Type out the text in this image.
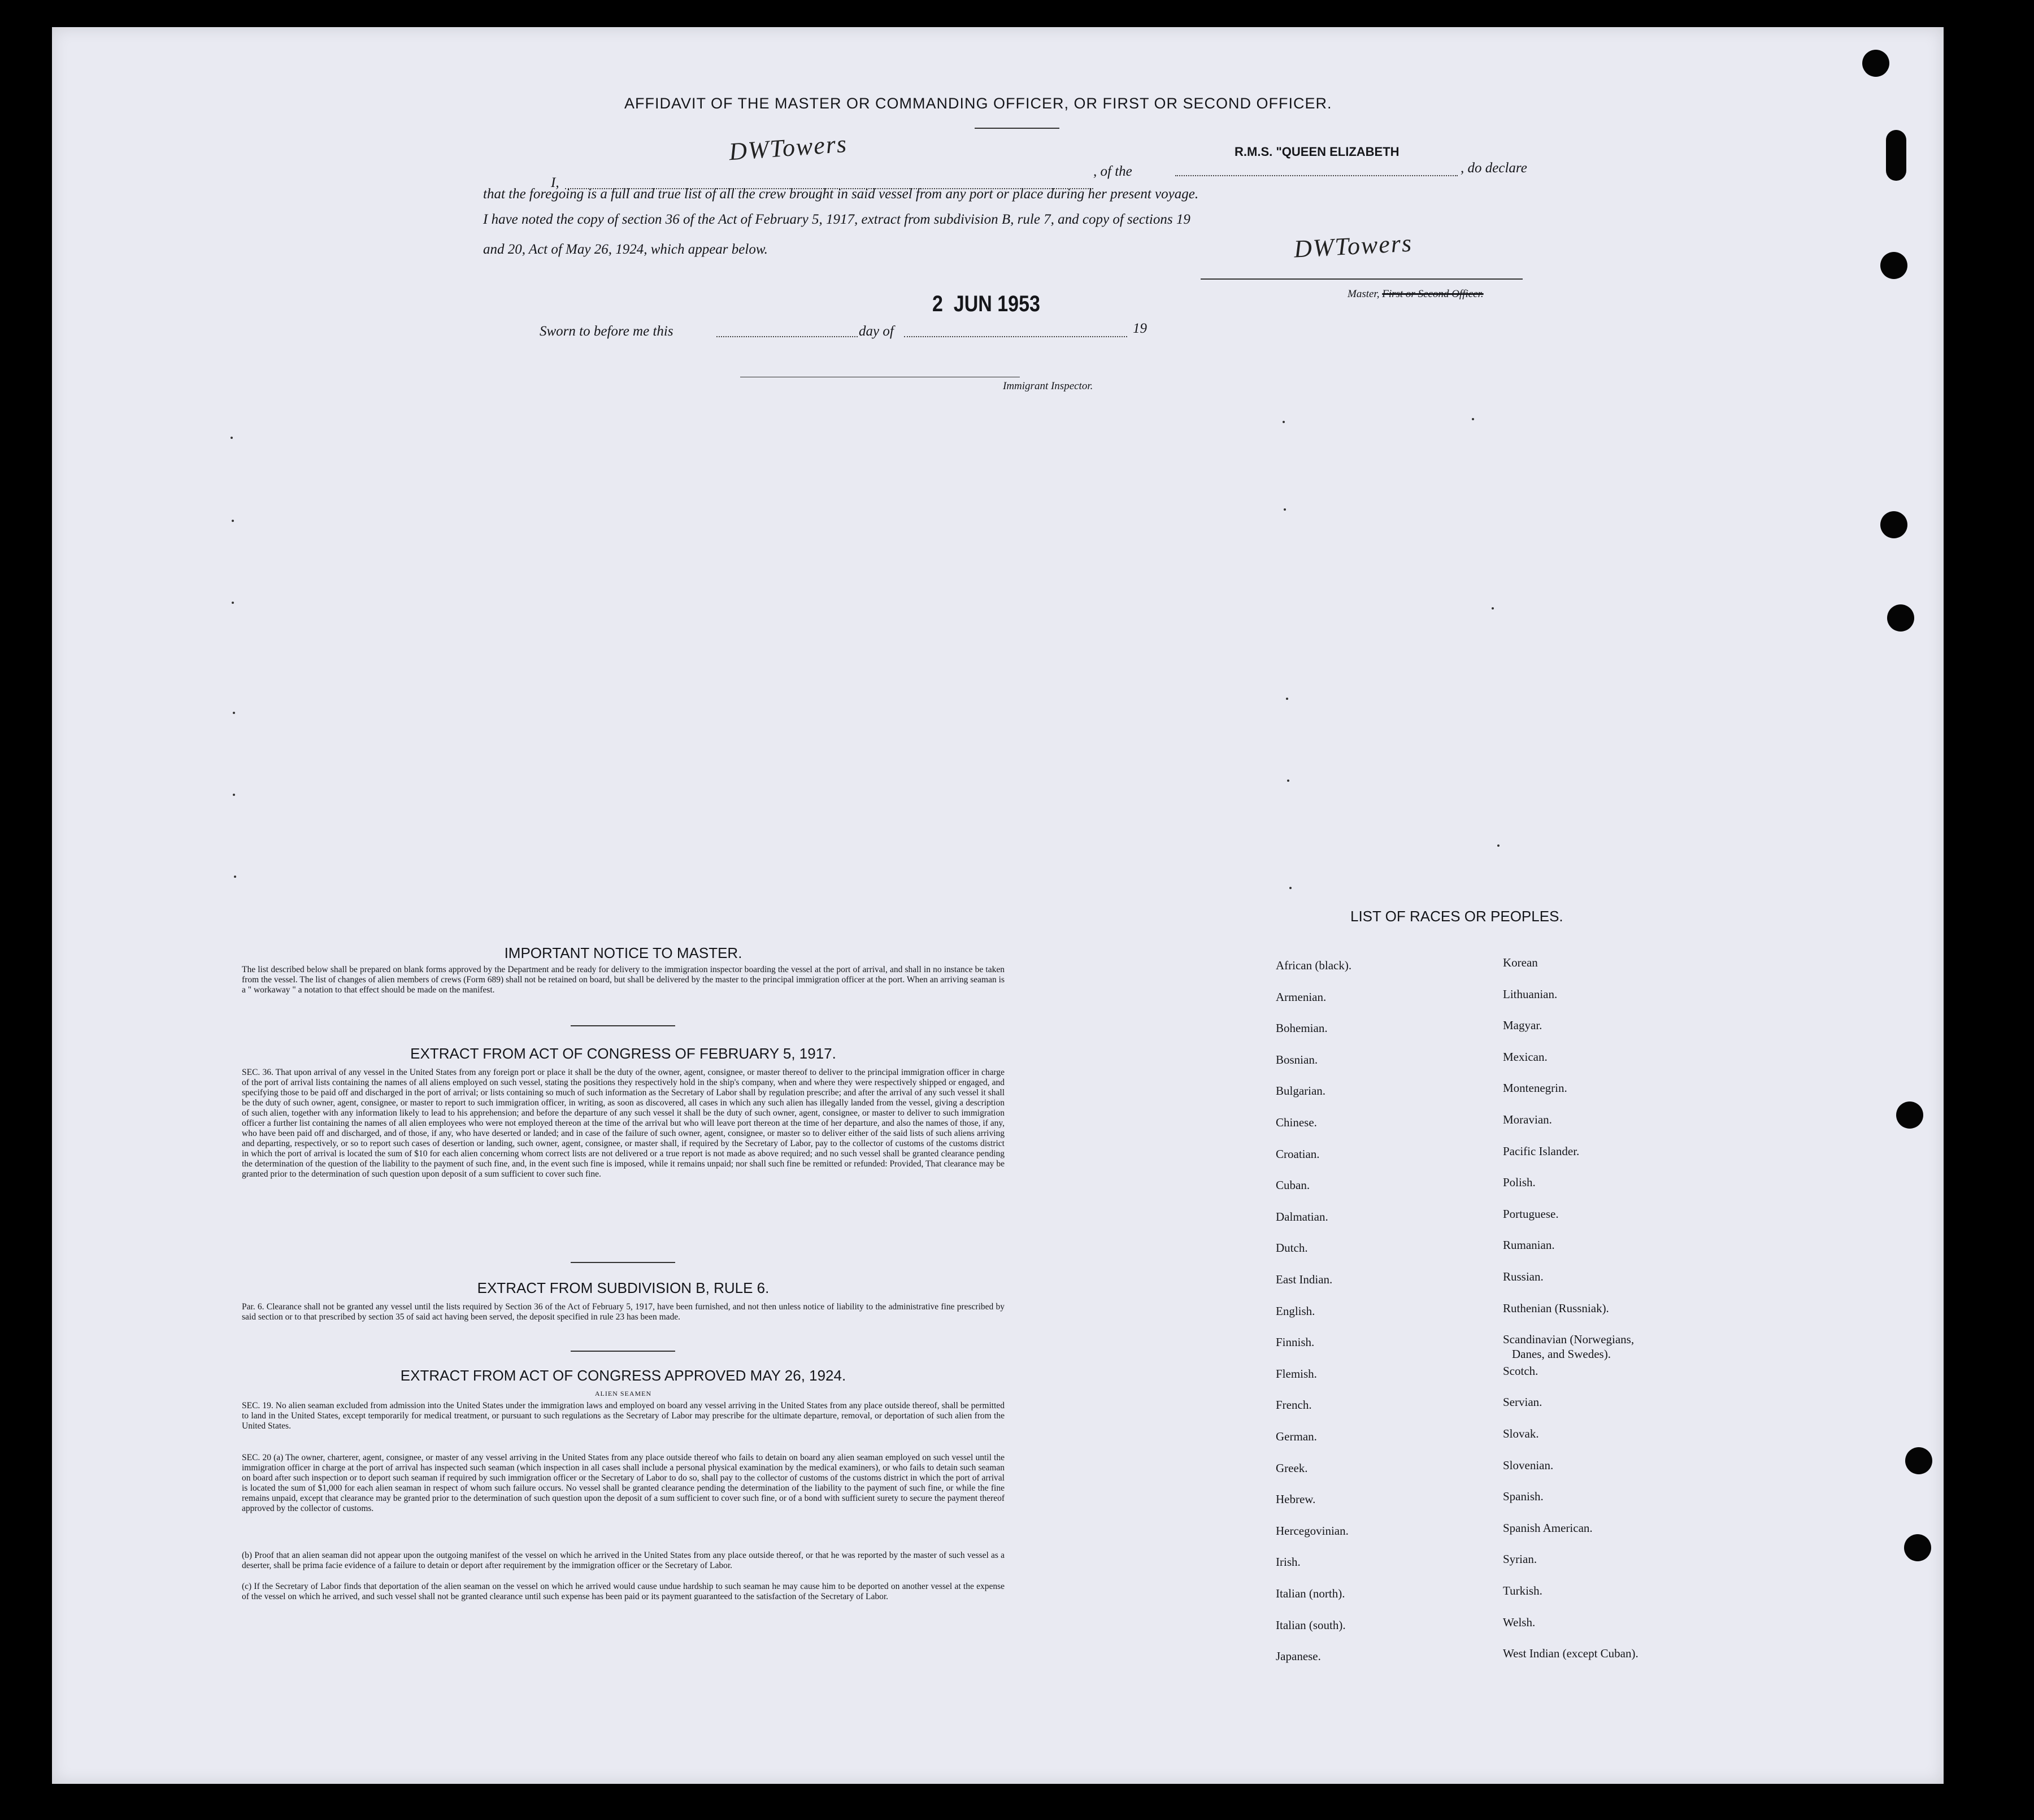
AFFIDAVIT OF THE MASTER OR COMMANDING OFFICER, OR FIRST OR SECOND OFFICER.
I,
DWTowers
, of the
R.M.S. "QUEEN ELIZABETH
, do declare
that the foregoing is a full and true list of all the crew brought in said vessel from any port or place during her present voyage.
I have noted the copy of section 36 of the Act of February 5, 1917, extract from subdivision B, rule 7, and copy of sections 19
and 20, Act of May 26, 1924, which appear below.	DWTowers
Master, First or Second Officer.
Sworn to before me this	day of
2  JUN 1953
19
Immigrant Inspector.
IMPORTANT NOTICE TO MASTER.
The list described below shall be prepared on blank forms approved by the Department and be ready for delivery to the immigration inspector boarding the vessel at the port of arrival, and shall in no instance be taken from the vessel. The list of changes of alien members of crews (Form 689) shall not be retained on board, but shall be delivered by the master to the principal immigration officer at the port. When an arriving seaman is a " workaway " a notation to that effect should be made on the manifest.
EXTRACT FROM ACT OF CONGRESS OF FEBRUARY 5, 1917.
SEC. 36. That upon arrival of any vessel in the United States from any foreign port or place it shall be the duty of the owner, agent, consignee, or master thereof to deliver to the principal immigration officer in charge of the port of arrival lists containing the names of all aliens employed on such vessel, stating the positions they respectively hold in the ship's company, when and where they were respectively shipped or engaged, and specifying those to be paid off and discharged in the port of arrival; or lists containing so much of such information as the Secretary of Labor shall by regulation prescribe; and after the arrival of any such vessel it shall be the duty of such owner, agent, consignee, or master to report to such immigration officer, in writing, as soon as discovered, all cases in which any such alien has illegally landed from the vessel, giving a description of such alien, together with any information likely to lead to his apprehension; and before the departure of any such vessel it shall be the duty of such owner, agent, consignee, or master to deliver to such immigration officer a further list containing the names of all alien employees who were not employed thereon at the time of the arrival but who will leave port thereon at the time of her departure, and also the names of those, if any, who have been paid off and discharged, and of those, if any, who have deserted or landed; and in case of the failure of such owner, agent, consignee, or master so to deliver either of the said lists of such aliens arriving and departing, respectively, or so to report such cases of desertion or landing, such owner, agent, consignee, or master shall, if required by the Secretary of Labor, pay to the collector of customs of the customs district in which the port of arrival is located the sum of $10 for each alien concerning whom correct lists are not delivered or a true report is not made as above required; and no such vessel shall be granted clearance pending the determination of the question of the liability to the payment of such fine, and, in the event such fine is imposed, while it remains unpaid; nor shall such fine be remitted or refunded: Provided, That clearance may be granted prior to the determination of such question upon deposit of a sum sufficient to cover such fine.
EXTRACT FROM SUBDIVISION B, RULE 6.
Par. 6. Clearance shall not be granted any vessel until the lists required by Section 36 of the Act of February 5, 1917, have been furnished, and not then unless notice of liability to the administrative fine prescribed by said section or to that prescribed by section 35 of said act having been served, the deposit specified in rule 23 has been made.
EXTRACT FROM ACT OF CONGRESS APPROVED MAY 26, 1924.
ALIEN SEAMEN
SEC. 19. No alien seaman excluded from admission into the United States under the immigration laws and employed on board any vessel arriving in the United States from any place outside thereof, shall be permitted to land in the United States, except temporarily for medical treatment, or pursuant to such regulations as the Secretary of Labor may prescribe for the ultimate departure, removal, or deportation of such alien from the United States.
SEC. 20 (a) The owner, charterer, agent, consignee, or master of any vessel arriving in the United States from any place outside thereof who fails to detain on board any alien seaman employed on such vessel until the immigration officer in charge at the port of arrival has inspected such seaman (which inspection in all cases shall include a personal physical examination by the medical examiners), or who fails to detain such seaman on board after such inspection or to deport such seaman if required by such immigration officer or the Secretary of Labor to do so, shall pay to the collector of customs of the customs district in which the port of arrival is located the sum of $1,000 for each alien seaman in respect of whom such failure occurs. No vessel shall be granted clearance pending the determination of the liability to the payment of such fine, or while the fine remains unpaid, except that clearance may be granted prior to the determination of such question upon the deposit of a sum sufficient to cover such fine, or of a bond with sufficient surety to secure the payment thereof approved by the collector of customs.
(b) Proof that an alien seaman did not appear upon the outgoing manifest of the vessel on which he arrived in the United States from any place outside thereof, or that he was reported by the master of such vessel as a deserter, shall be prima facie evidence of a failure to detain or deport after requirement by the immigration officer or the Secretary of Labor.
(c) If the Secretary of Labor finds that deportation of the alien seaman on the vessel on which he arrived would cause undue hardship to such seaman he may cause him to be deported on another vessel at the expense of the vessel on which he arrived, and such vessel shall not be granted clearance until such expense has been paid or its payment guaranteed to the satisfaction of the Secretary of Labor.
LIST OF RACES OR PEOPLES.
African (black).
Armenian.
Bohemian.
Bosnian.
Bulgarian.
Chinese.
Croatian.
Cuban.
Dalmatian.
Dutch.
East Indian.
English.
Finnish.
Flemish.
French.
German.
Greek.
Hebrew.
Hercegovinian.
Irish.
Italian (north).
Italian (south).
Japanese.
Korean
Lithuanian.
Magyar.
Mexican.
Montenegrin.
Moravian.
Pacific Islander.
Polish.
Portuguese.
Rumanian.
Russian.
Ruthenian (Russniak).
Scandinavian (Norwegians,
Scotch.
Servian.
Slovak.
Slovenian.
Spanish.
Spanish American.
Syrian.
Turkish.
Welsh.
West Indian (except Cuban).
Danes, and Swedes).
